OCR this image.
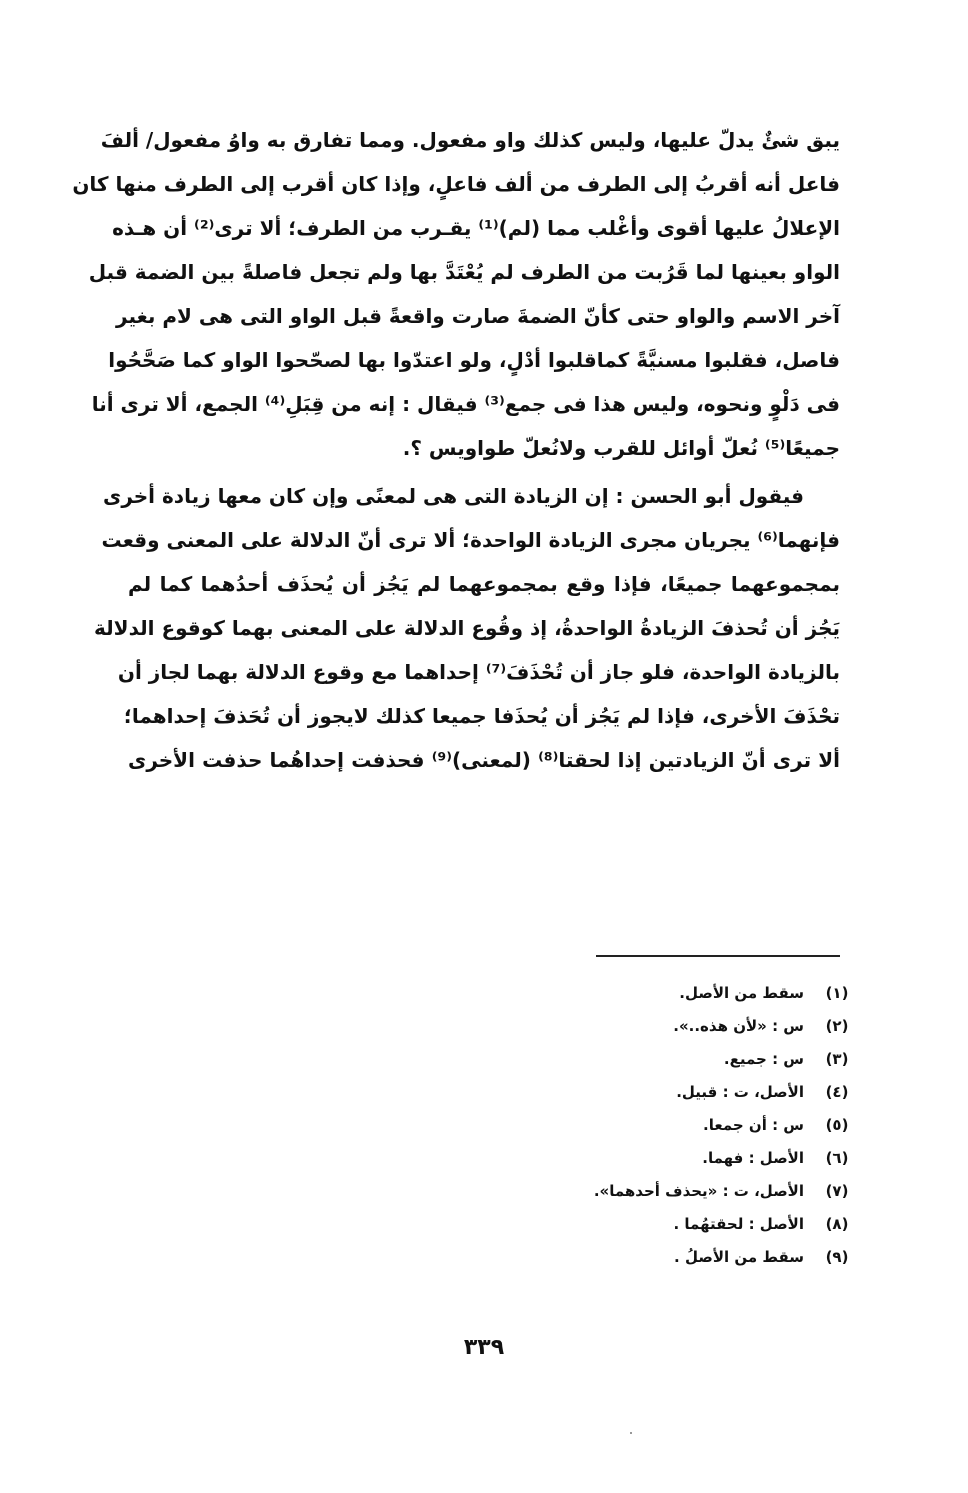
يبق شئٌ يدلّ عليها، وليس كذلك واو مفعول. ومما تفارق به واوُ مفعول/ ألفَ
فاعل أنه أقربُ إلى الطرف من ألف فاعلٍ، وإذا كان أقرب إلى الطرف منها كان
الإعلالُ عليها أقوى وأغْلب مما (لم)⁽¹⁾ يقـرب من الطرف؛ ألا ترى⁽²⁾ أن هـذه
الواو بعينها لما قَرُبت من الطرف لم يُعْتَدَّ بها ولم تجعل فاصلةً بين الضمة قبل
آخر الاسم والواو حتى كأنّ الضمةَ صارت واقعةً قبل الواو التى هى لام بغير
فاصل، فقلبوا مسنيَّةً كماقلبوا أدْلٍ، ولو اعتدّوا بها لصحّحوا الواو كما صَحَّحُوا
فى دَلْوٍ ونحوه، وليس هذا فى جمع⁽³⁾ فيقال : إنه من قِبَلِ⁽⁴⁾ الجمع، ألا ترى أنا
جميعًا⁽⁵⁾ نُعلّ أوائل للقرب ولانُعلّ طواويس ؟.
فيقول أبو الحسن : إن الزيادة التى هى لمعنًى وإن كان معها زيادة أخرى
فإنهما⁽⁶⁾ يجريان مجرى الزيادة الواحدة؛ ألا ترى أنّ الدلالة على المعنى وقعت
بمجموعهما جميعًا، فإذا وقع بمجموعهما لم يَجُز أن يُحذَف أحدُهما كما لم
يَجُز أن تُحذفَ الزيادةُ الواحدةُ، إذ وقُوع الدلالة على المعنى بهما كوقوع الدلالة
بالزيادة الواحدة، فلو جاز أن تُحْذَفَ⁽⁷⁾ إحداهما مع وقوع الدلالة بهما لجاز أن
تحْذَفَ الأخرى، فإذا لم يَجُز أن يُحذَفا جميعا كذلك لايجوز أن تُحَذفَ إحداهما؛
ألا ترى أنّ الزيادتين إذا لحقتا⁽⁸⁾ (لمعنى)⁽⁹⁾ فحذفت إحداهُما حذفت الأخرى
(١)سقط من الأصل.
(٢)س : «لأن هذه..».
(٣)س : جميع.
(٤)الأصل، ت : قبيل.
(٥)س : أن جمعا.
(٦)الأصل : فهما.
(٧)الأصل، ت : «يحذف أحدهما».
(٨)الأصل : لحقتهُما .
(٩)سقط من الأصلُ .
٣٣٩
